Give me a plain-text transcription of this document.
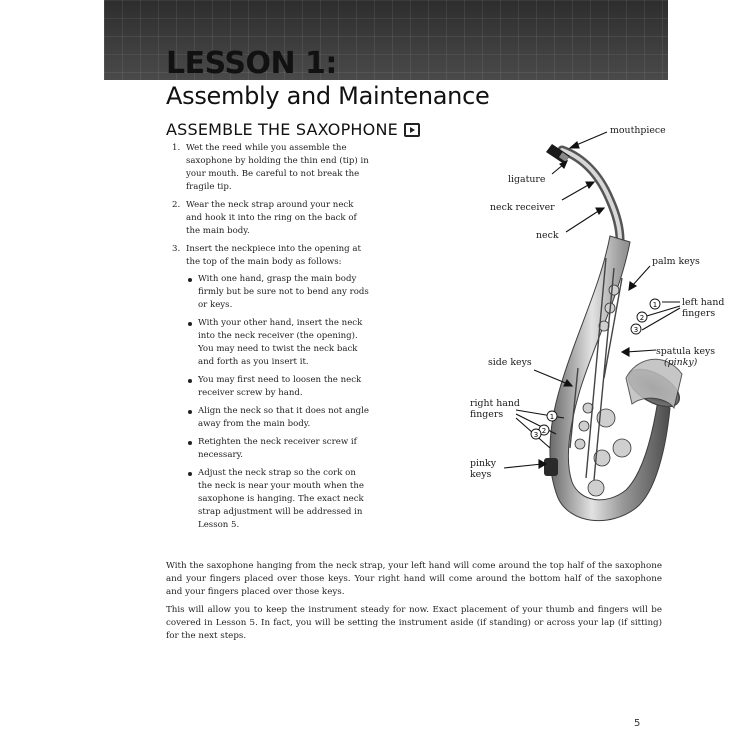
LESSON 1:
Assembly and Maintenance
ASSEMBLE THE SAXOPHONE
1. Wet the reed while you assemble the saxophone by holding the thin end (tip) in your mouth. Be careful to not break the fragile tip.
2. Wear the neck strap around your neck and hook it into the ring on the back of the main body.
3. Insert the neckpiece into the opening at the top of the main body as follows:
With one hand, grasp the main body firmly but be sure not to bend any rods or keys.
With your other hand, insert the neck into the neck receiver (the opening). You may need to twist the neck back and forth as you insert it.
You may first need to loosen the neck receiver screw by hand.
Align the neck so that it does not angle away from the main body.
Retighten the neck receiver screw if necessary.
Adjust the neck strap so the cork on the neck is near your mouth when the saxophone is hanging. The exact neck strap adjustment will be addressed in Lesson 5.
1
2
3
1
2
3
mouthpiece
ligature
neck receiver
neck
palm keys
left hand
fingers
spatula keys
(pinky)
side keys
right hand
fingers
pinky
keys

With the saxophone hanging from the neck strap, your left hand will come around the top half of the saxophone and your fingers placed over those keys. Your right hand will come around the bottom half of the saxophone and your fingers placed over those keys.

This will allow you to keep the instrument steady for now. Exact placement of your thumb and fingers will be covered in Lesson 5. In fact, you will be setting the instrument aside (if standing) or across your lap (if sitting) for the next steps.

5
